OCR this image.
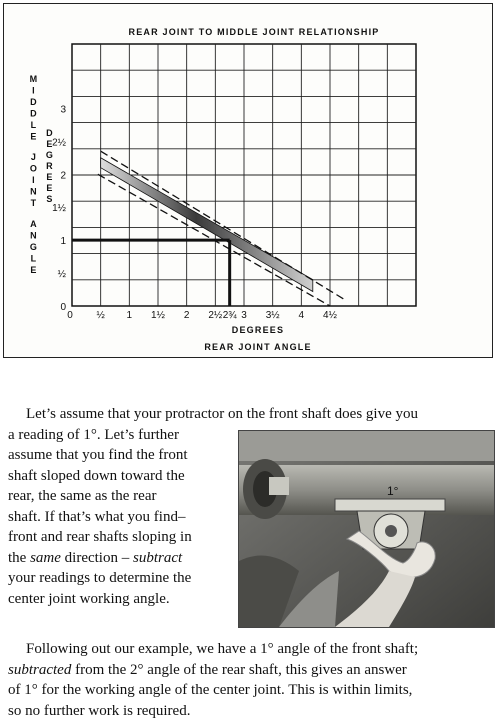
REAR JOINT TO MIDDLE JOINT RELATIONSHIP
0 ½ 1 1½ 2 2½ 2¾ 3 3½ 4 4½
0
½
1
1½
2
2½
3
M
I
D
D
L
E
J
O
I
N
T
A
N
G
L
E
D
E
G
R
E
E
S
DEGREES
REAR JOINT ANGLE

Let’s assume that your protractor on the front shaft does give you
a reading of 1°. Let’s further
assume that you find the front
shaft sloped down toward the
rear, the same as the rear
shaft. If that’s what you find–
front and rear shafts sloping in
the same direction – subtract
your readings to determine the
center joint working angle.

1°

Following out our example, we have a 1° angle of the front shaft;
subtracted from the 2° angle of the rear shaft, this gives an answer
of 1° for the working angle of the center joint. This is within limits,
so no further work is required.
